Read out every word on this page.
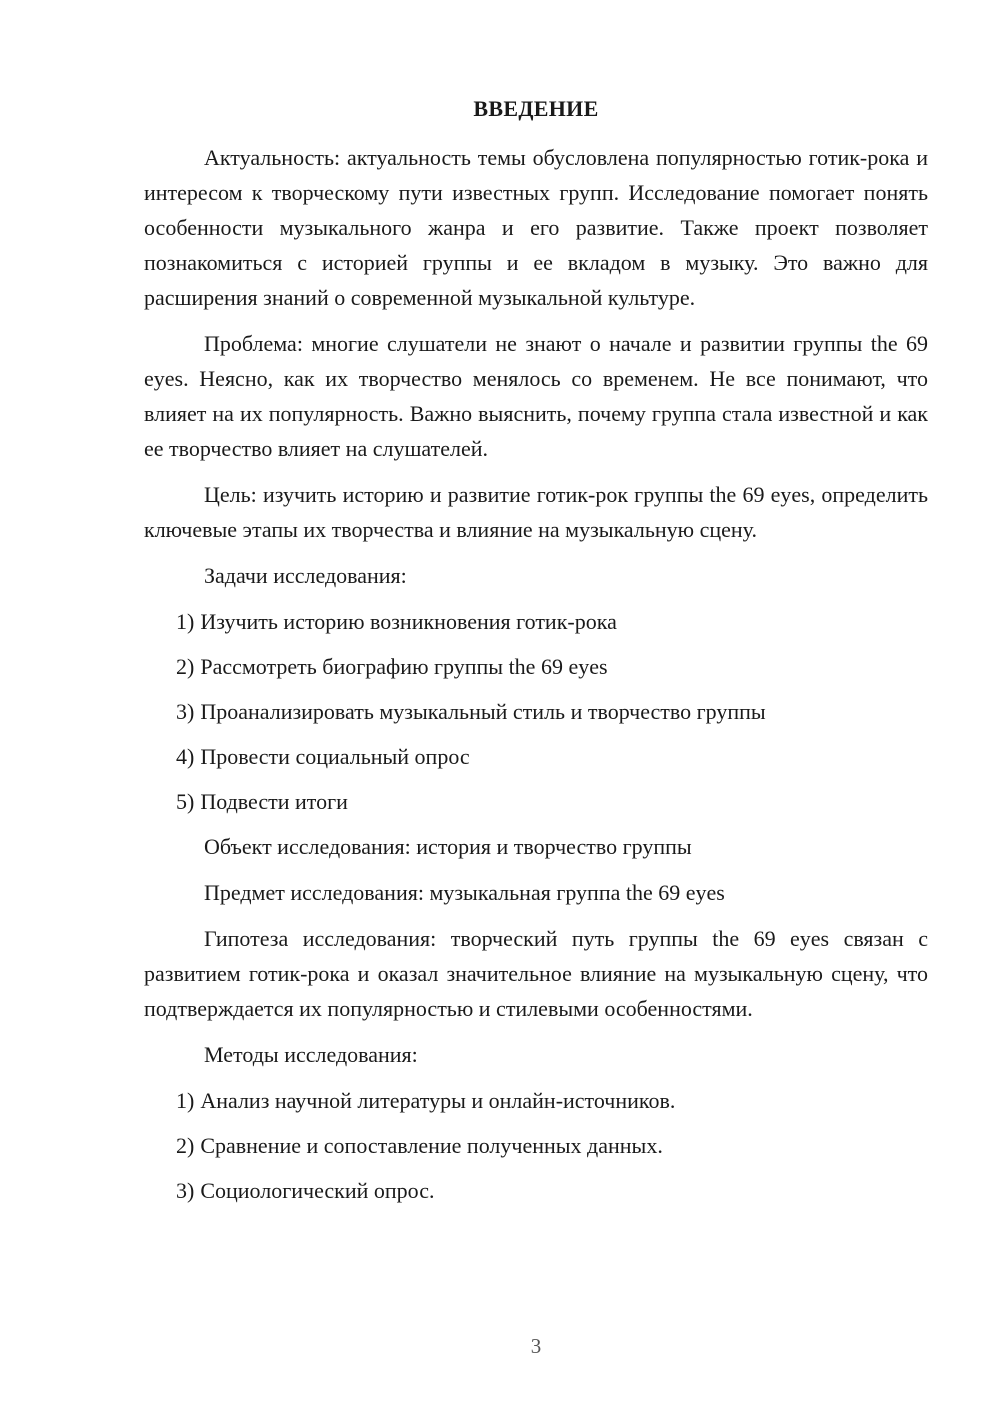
ВВЕДЕНИЕ

Актуальность: актуальность темы обусловлена популярностью готик-рока и интересом к творческому пути известных групп. Исследование помогает понять особенности музыкального жанра и его развитие. Также проект позволяет познакомиться с историей группы и ее вкладом в музыку. Это важно для расширения знаний о современной музыкальной культуре.

Проблема: многие слушатели не знают о начале и развитии группы the 69 eyes. Неясно, как их творчество менялось со временем. Не все понимают, что влияет на их популярность. Важно выяснить, почему группа стала известной и как ее творчество влияет на слушателей.

Цель: изучить историю и развитие готик-рок группы the 69 eyes, определить ключевые этапы их творчества и влияние на музыкальную сцену.

Задачи исследования:

1) Изучить историю возникновения готик-рока
2) Рассмотреть биографию группы the 69 eyes
3) Проанализировать музыкальный стиль и творчество группы
4) Провести социальный опрос
5) Подвести итоги

Объект исследования: история и творчество группы

Предмет исследования: музыкальная группа the 69 eyes

Гипотеза исследования: творческий путь группы the 69 eyes связан с развитием готик-рока и оказал значительное влияние на музыкальную сцену, что подтверждается их популярностью и стилевыми особенностями.

Методы исследования:

1) Анализ научной литературы и онлайн-источников.
2) Сравнение и сопоставление полученных данных.
3) Социологический опрос.
3
